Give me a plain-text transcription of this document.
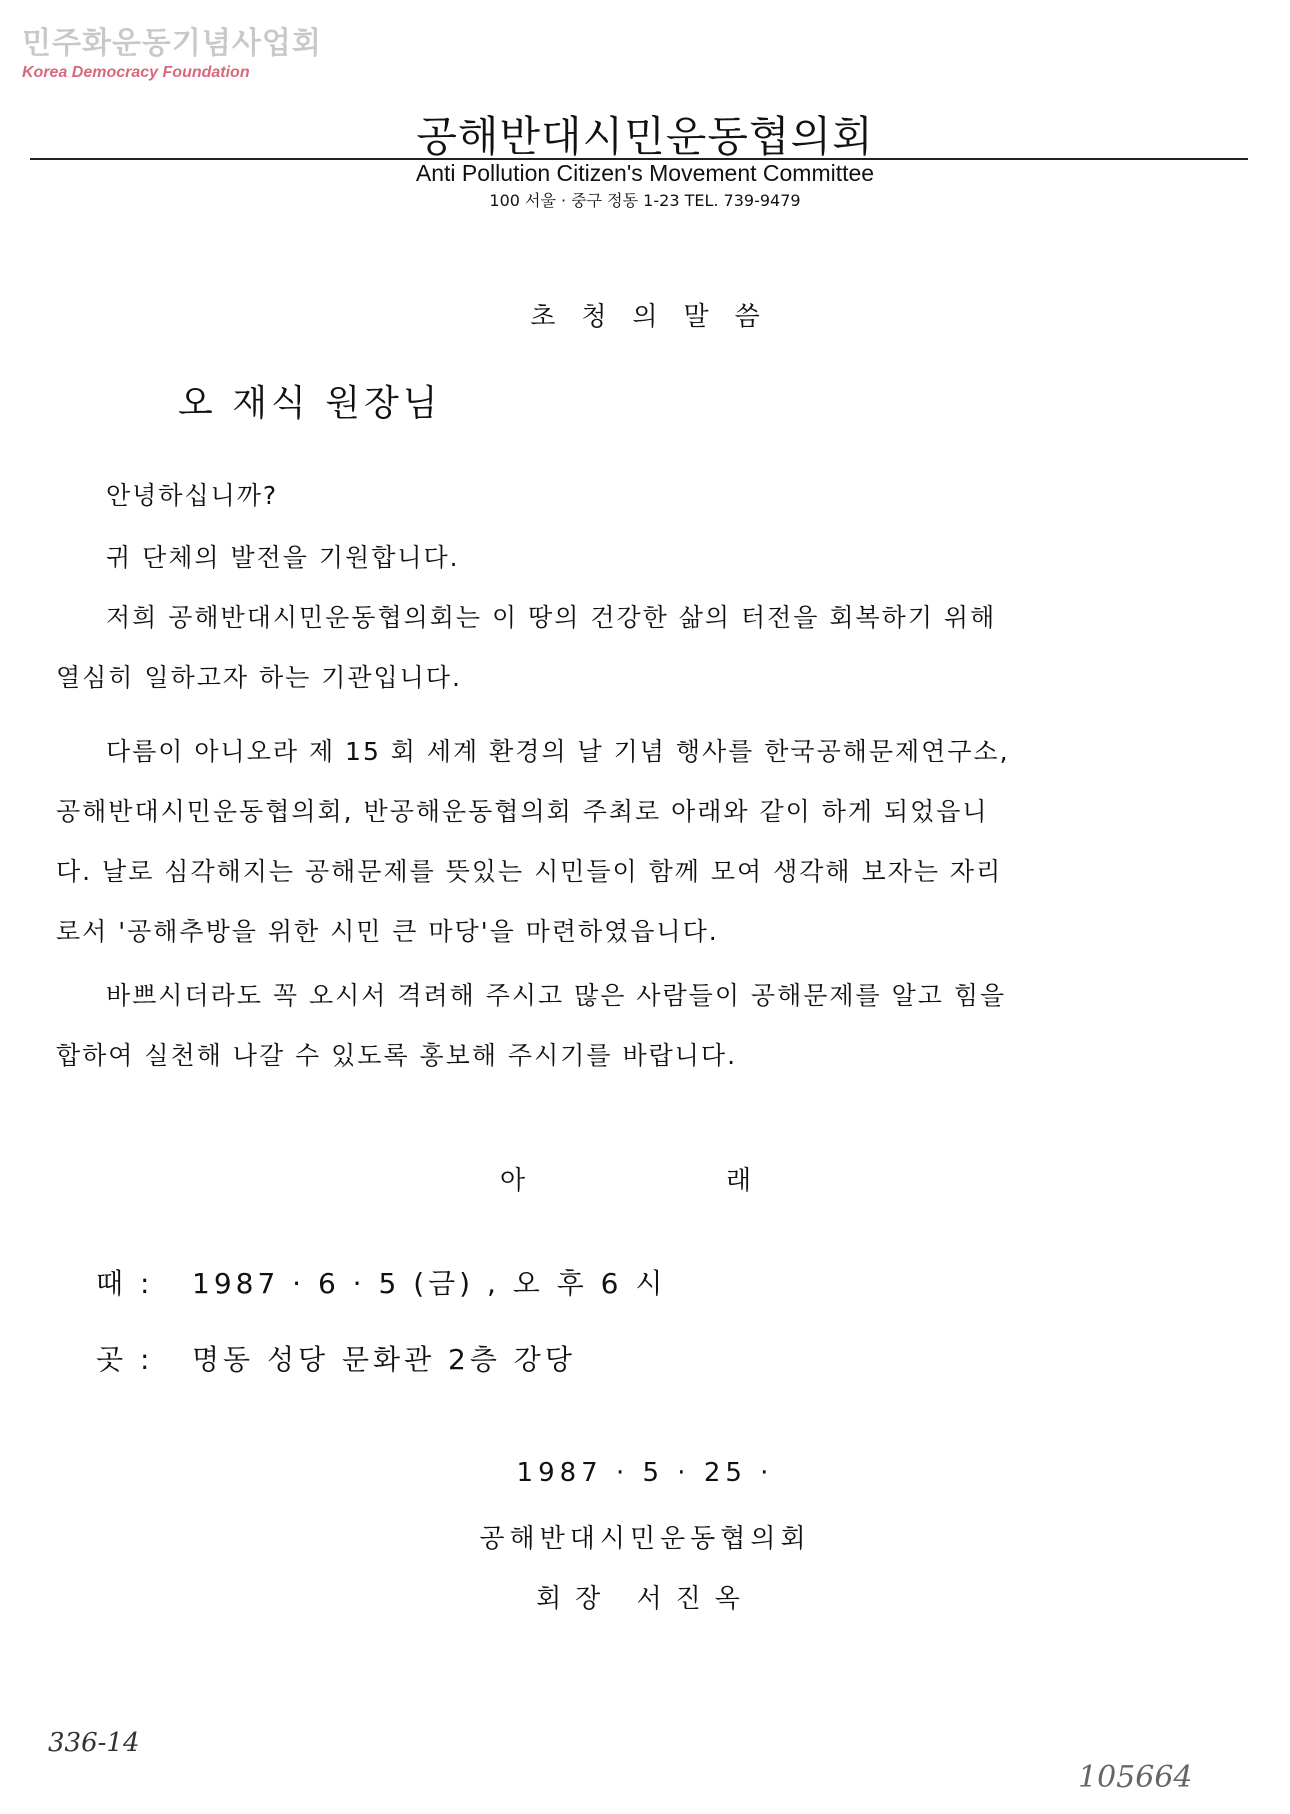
민주화운동기념사업회
Korea Democracy Foundation
공해반대시민운동협의회
Anti Pollution Citizen's Movement Committee
100 서울 · 중구 정동 1-23 TEL. 739-9479
초청의말씀
오 재식 원장님
안녕하십니까?
귀 단체의 발전을 기원합니다.
저희 공해반대시민운동협의회는 이 땅의 건강한 삶의 터전을 회복하기 위해
열심히 일하고자 하는 기관입니다.
다름이 아니오라 제 15 회 세계 환경의 날 기념 행사를 한국공해문제연구소,
공해반대시민운동협의회, 반공해운동협의회 주최로 아래와 같이 하게 되었읍니
다. 날로 심각해지는 공해문제를 뜻있는 시민들이 함께 모여 생각해 보자는 자리
로서 '공해추방을 위한 시민 큰 마당'을 마련하였읍니다.
바쁘시더라도 꼭 오시서 격려해 주시고 많은 사람들이 공해문제를 알고 힘을
합하여 실천해 나갈 수 있도록 홍보해 주시기를 바랍니다.
아	래
때 : 1987 · 6 · 5 (금) , 오 후 6 시
곳 : 명동 성당 문화관 2층 강당
1987 · 5 · 25 ·
공해반대시민운동협의회
회장 서진옥
336-14
105664
